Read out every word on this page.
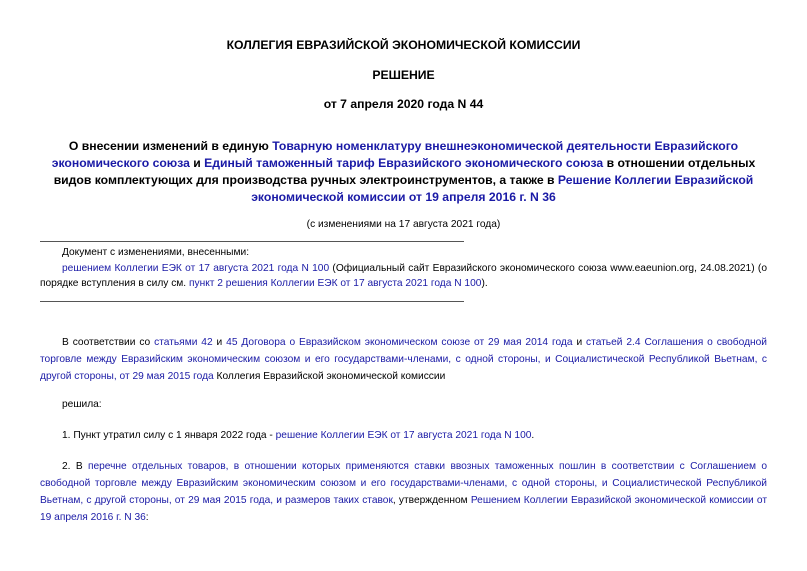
КОЛЛЕГИЯ ЕВРАЗИЙСКОЙ ЭКОНОМИЧЕСКОЙ КОМИССИИ
РЕШЕНИЕ
от 7 апреля 2020 года N 44
О внесении изменений в единую Товарную номенклатуру внешнеэкономической деятельности Евразийского экономического союза и Единый таможенный тариф Евразийского экономического союза в отношении отдельных видов комплектующих для производства ручных электроинструментов, а также в Решение Коллегии Евразийской экономической комиссии от 19 апреля 2016 г. N 36
(с изменениями на 17 августа 2021 года)
Документ с изменениями, внесенными:
решением Коллегии ЕЭК от 17 августа 2021 года N 100 (Официальный сайт Евразийского экономического союза www.eaeunion.org, 24.08.2021) (о порядке вступления в силу см. пункт 2 решения Коллегии ЕЭК от 17 августа 2021 года N 100).
В соответствии со статьями 42 и 45 Договора о Евразийском экономическом союзе от 29 мая 2014 года и статьей 2.4 Соглашения о свободной торговле между Евразийским экономическим союзом и его государствами-членами, с одной стороны, и Социалистической Республикой Вьетнам, с другой стороны, от 29 мая 2015 года Коллегия Евразийской экономической комиссии
решила:
1. Пункт утратил силу с 1 января 2022 года - решение Коллегии ЕЭК от 17 августа 2021 года N 100.
2. В перечне отдельных товаров, в отношении которых применяются ставки ввозных таможенных пошлин в соответствии с Соглашением о свободной торговле между Евразийским экономическим союзом и его государствами-членами, с одной стороны, и Социалистической Республикой Вьетнам, с другой стороны, от 29 мая 2015 года, и размеров таких ставок, утвержденном Решением Коллегии Евразийской экономической комиссии от 19 апреля 2016 г. N 36:
